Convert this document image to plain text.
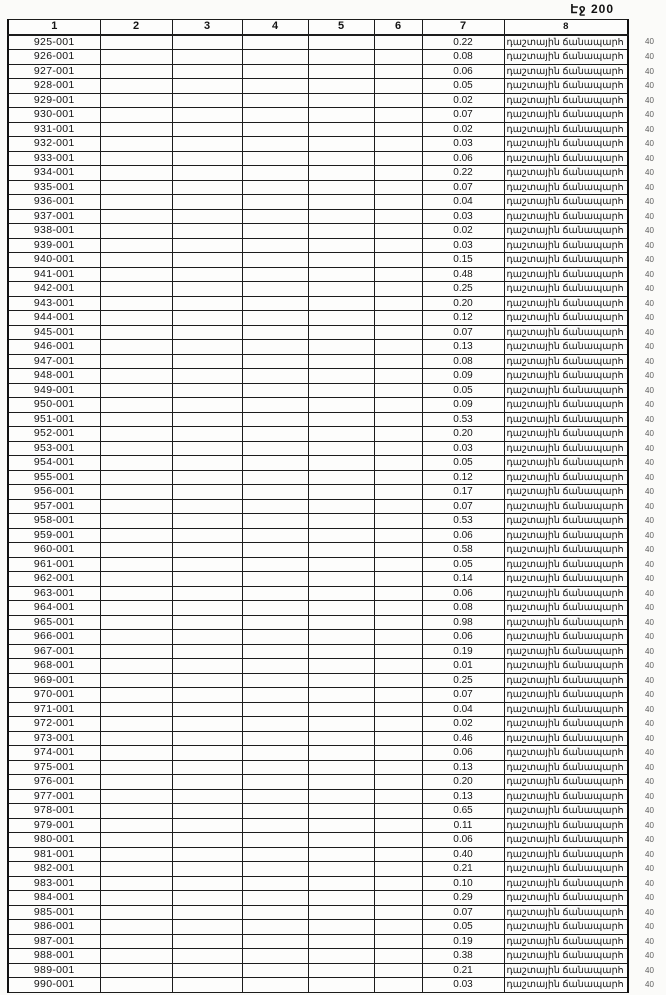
Էջ 200
1	2	3	4	5	6	7	8	
925-001						0.22	դաշտային ճանապարհ	40
926-001						0.08	դաշտային ճանապարհ	40
927-001						0.06	դաշտային ճանապարհ	40
928-001						0.05	դաշտային ճանապարհ	40
929-001						0.02	դաշտային ճանապարհ	40
930-001						0.07	դաշտային ճանապարհ	40
931-001						0.02	դաշտային ճանապարհ	40
932-001						0.03	դաշտային ճանապարհ	40
933-001						0.06	դաշտային ճանապարհ	40
934-001						0.22	դաշտային ճանապարհ	40
935-001						0.07	դաշտային ճանապարհ	40
936-001						0.04	դաշտային ճանապարհ	40
937-001						0.03	դաշտային ճանապարհ	40
938-001						0.02	դաշտային ճանապարհ	40
939-001						0.03	դաշտային ճանապարհ	40
940-001						0.15	դաշտային ճանապարհ	40
941-001						0.48	դաշտային ճանապարհ	40
942-001						0.25	դաշտային ճանապարհ	40
943-001						0.20	դաշտային ճանապարհ	40
944-001						0.12	դաշտային ճանապարհ	40
945-001						0.07	դաշտային ճանապարհ	40
946-001						0.13	դաշտային ճանապարհ	40
947-001						0.08	դաշտային ճանապարհ	40
948-001						0.09	դաշտային ճանապարհ	40
949-001						0.05	դաշտային ճանապարհ	40
950-001						0.09	դաշտային ճանապարհ	40
951-001						0.53	դաշտային ճանապարհ	40
952-001						0.20	դաշտային ճանապարհ	40
953-001						0.03	դաշտային ճանապարհ	40
954-001						0.05	դաշտային ճանապարհ	40
955-001						0.12	դաշտային ճանապարհ	40
956-001						0.17	դաշտային ճանապարհ	40
957-001						0.07	դաշտային ճանապարհ	40
958-001						0.53	դաշտային ճանապարհ	40
959-001						0.06	դաշտային ճանապարհ	40
960-001						0.58	դաշտային ճանապարհ	40
961-001						0.05	դաշտային ճանապարհ	40
962-001						0.14	դաշտային ճանապարհ	40
963-001						0.06	դաշտային ճանապարհ	40
964-001						0.08	դաշտային ճանապարհ	40
965-001						0.98	դաշտային ճանապարհ	40
966-001						0.06	դաշտային ճանապարհ	40
967-001						0.19	դաշտային ճանապարհ	40
968-001						0.01	դաշտային ճանապարհ	40
969-001						0.25	դաշտային ճանապարհ	40
970-001						0.07	դաշտային ճանապարհ	40
971-001						0.04	դաշտային ճանապարհ	40
972-001						0.02	դաշտային ճանապարհ	40
973-001						0.46	դաշտային ճանապարհ	40
974-001						0.06	դաշտային ճանապարհ	40
975-001						0.13	դաշտային ճանապարհ	40
976-001						0.20	դաշտային ճանապարհ	40
977-001						0.13	դաշտային ճանապարհ	40
978-001						0.65	դաշտային ճանապարհ	40
979-001						0.11	դաշտային ճանապարհ	40
980-001						0.06	դաշտային ճանապարհ	40
981-001						0.40	դաշտային ճանապարհ	40
982-001						0.21	դաշտային ճանապարհ	40
983-001						0.10	դաշտային ճանապարհ	40
984-001						0.29	դաշտային ճանապարհ	40
985-001						0.07	դաշտային ճանապարհ	40
986-001						0.05	դաշտային ճանապարհ	40
987-001						0.19	դաշտային ճանապարհ	40
988-001						0.38	դաշտային ճանապարհ	40
989-001						0.21	դաշտային ճանապարհ	40
990-001						0.03	դաշտային ճանապարհ	40
